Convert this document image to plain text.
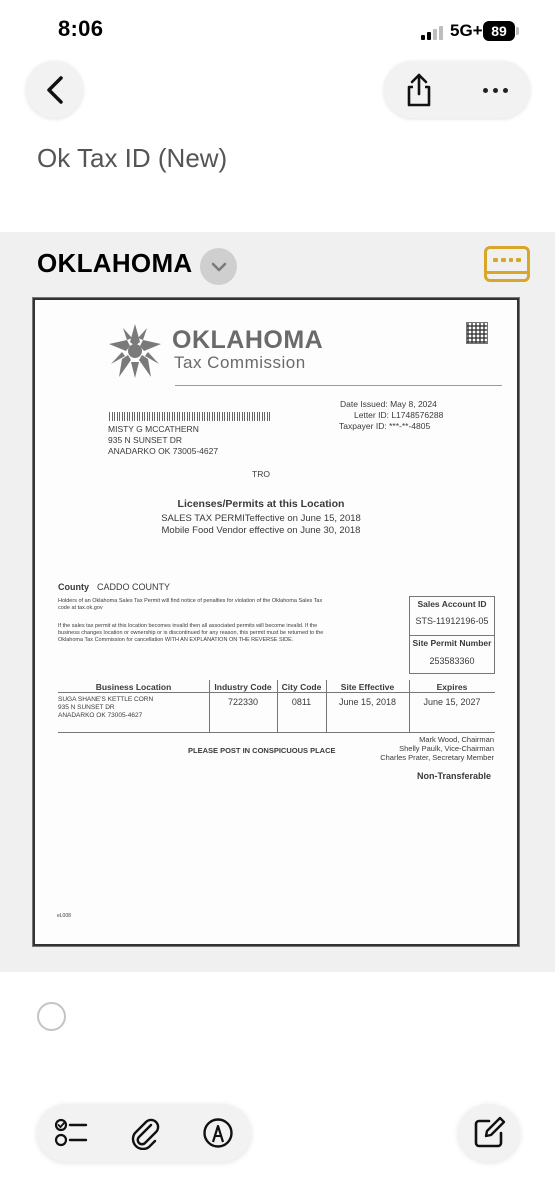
8:06	5G+ 89
Ok Tax ID (New)
OKLAHOMA
OKLAHOMA
Tax Commission
Date Issued: May 8, 2024
Letter ID: L1748576288
Taxpayer ID: ***-**-4805
MISTY G MCCATHERN
935 N SUNSET DR
ANADARKO OK 73005-4627
TRO
Licenses/Permits at this Location
SALES TAX PERMITeffective on June 15, 2018
Mobile Food Vendor effective on June 30, 2018
County CADDO COUNTY
Holders of an Oklahoma Sales Tax Permit will find notice of penalties for violation of the Oklahoma Sales Tax
code at tax.ok.gov
If the sales tax permit at this location becomes invalid then all associated permits will become invalid. If the
business changes location or ownership or is discontinued for any reason, this permit must be returned to the
Oklahoma Tax Commission for cancellation WITH AN EXPLANATION ON THE REVERSE SIDE.
Sales Account ID
STS-11912196-05
Site Permit Number
253583360
Business Location	Industry Code	City Code	Site Effective	Expires
SUGA SHANE'S KETTLE CORN
935 N SUNSET DR
ANADARKO OK 73005-4627
722330	0811	June 15, 2018	June 15, 2027
PLEASE POST IN CONSPICUOUS PLACE
Mark Wood, Chairman
Shelly Paulk, Vice-Chairman
Charles Prater, Secretary Member
Non-Transferable
eL008
